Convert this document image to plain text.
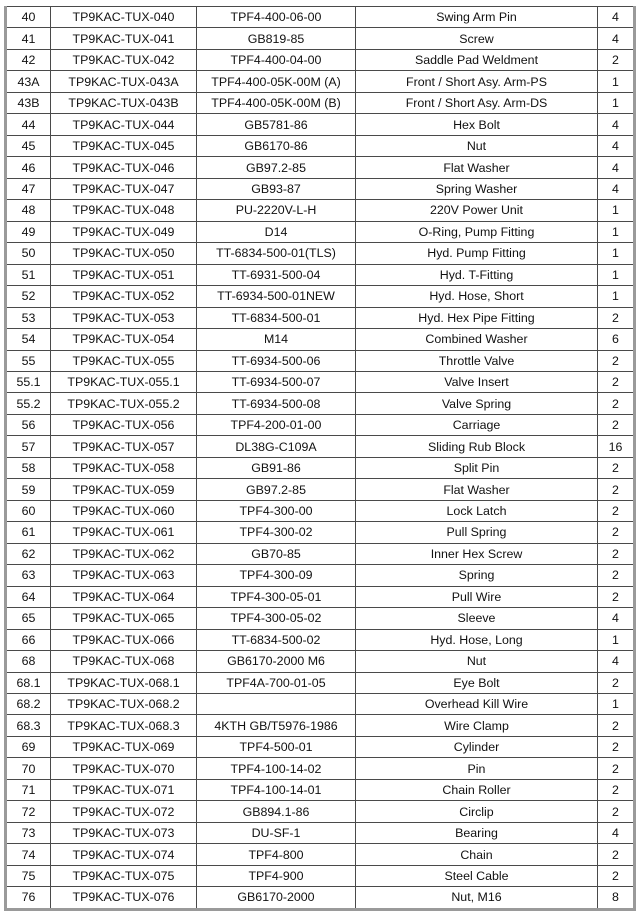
40	TP9KAC-TUX-040	TPF4-400-06-00	Swing Arm Pin	4
41	TP9KAC-TUX-041	GB819-85	Screw	4
42	TP9KAC-TUX-042	TPF4-400-04-00	Saddle Pad Weldment	2
43A	TP9KAC-TUX-043A	TPF4-400-05K-00M (A)	Front / Short Asy. Arm-PS	1
43B	TP9KAC-TUX-043B	TPF4-400-05K-00M (B)	Front / Short Asy. Arm-DS	1
44	TP9KAC-TUX-044	GB5781-86	Hex Bolt	4
45	TP9KAC-TUX-045	GB6170-86	Nut	4
46	TP9KAC-TUX-046	GB97.2-85	Flat Washer	4
47	TP9KAC-TUX-047	GB93-87	Spring Washer	4
48	TP9KAC-TUX-048	PU-2220V-L-H	220V Power Unit	1
49	TP9KAC-TUX-049	D14	O-Ring, Pump Fitting	1
50	TP9KAC-TUX-050	TT-6834-500-01(TLS)	Hyd. Pump Fitting	1
51	TP9KAC-TUX-051	TT-6931-500-04	Hyd. T-Fitting	1
52	TP9KAC-TUX-052	TT-6934-500-01NEW	Hyd. Hose, Short	1
53	TP9KAC-TUX-053	TT-6834-500-01	Hyd. Hex Pipe Fitting	2
54	TP9KAC-TUX-054	M14	Combined Washer	6
55	TP9KAC-TUX-055	TT-6934-500-06	Throttle Valve	2
55.1	TP9KAC-TUX-055.1	TT-6934-500-07	Valve Insert	2
55.2	TP9KAC-TUX-055.2	TT-6934-500-08	Valve Spring	2
56	TP9KAC-TUX-056	TPF4-200-01-00	Carriage	2
57	TP9KAC-TUX-057	DL38G-C109A	Sliding Rub Block	16
58	TP9KAC-TUX-058	GB91-86	Split Pin	2
59	TP9KAC-TUX-059	GB97.2-85	Flat Washer	2
60	TP9KAC-TUX-060	TPF4-300-00	Lock Latch	2
61	TP9KAC-TUX-061	TPF4-300-02	Pull Spring	2
62	TP9KAC-TUX-062	GB70-85	Inner Hex Screw	2
63	TP9KAC-TUX-063	TPF4-300-09	Spring	2
64	TP9KAC-TUX-064	TPF4-300-05-01	Pull Wire	2
65	TP9KAC-TUX-065	TPF4-300-05-02	Sleeve	4
66	TP9KAC-TUX-066	TT-6834-500-02	Hyd. Hose, Long	1
68	TP9KAC-TUX-068	GB6170-2000 M6	Nut	4
68.1	TP9KAC-TUX-068.1	TPF4A-700-01-05	Eye Bolt	2
68.2	TP9KAC-TUX-068.2		Overhead Kill Wire	1
68.3	TP9KAC-TUX-068.3	4KTH GB/T5976-1986	Wire Clamp	2
69	TP9KAC-TUX-069	TPF4-500-01	Cylinder	2
70	TP9KAC-TUX-070	TPF4-100-14-02	Pin	2
71	TP9KAC-TUX-071	TPF4-100-14-01	Chain Roller	2
72	TP9KAC-TUX-072	GB894.1-86	Circlip	2
73	TP9KAC-TUX-073	DU-SF-1	Bearing	4
74	TP9KAC-TUX-074	TPF4-800	Chain	2
75	TP9KAC-TUX-075	TPF4-900	Steel Cable	2
76	TP9KAC-TUX-076	GB6170-2000	Nut, M16	8
